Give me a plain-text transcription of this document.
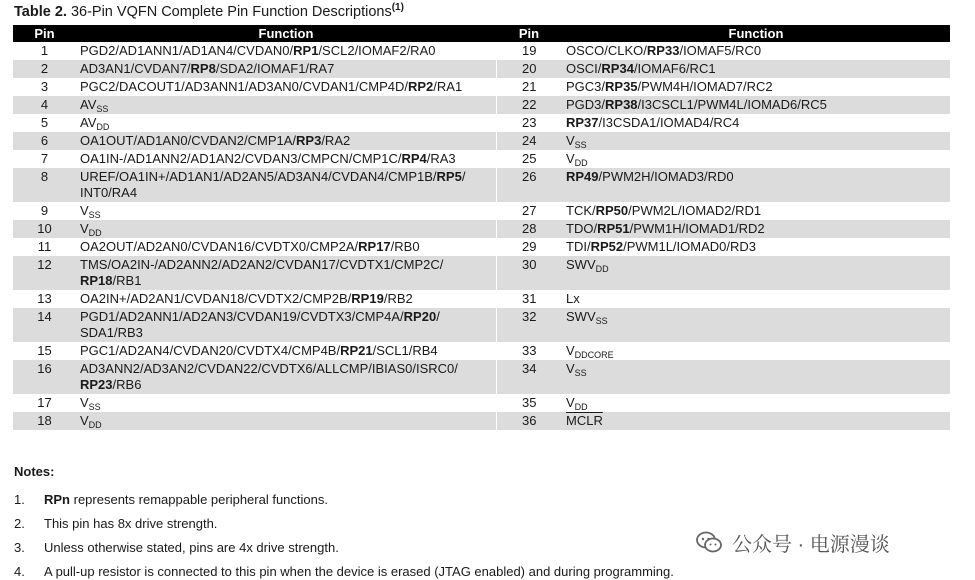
Table 2. 36-Pin VQFN Complete Pin Function Descriptions$^{(1)}$
Pin	Function	Pin	Function
1	PGD2/AD1ANN1/AD1AN4/CVDAN0/RP1/SCL2/IOMAF2/RA0	19	OSCO/CLKO/RP33/IOMAF5/RC0
2	AD3AN1/CVDAN7/RP8/SDA2/IOMAF1/RA7	20	OSCI/RP34/IOMAF6/RC1
3	PGC2/DACOUT1/AD3ANN1/AD3AN0/CVDAN1/CMP4D/RP2/RA1	21	PGC3/RP35/PWM4H/IOMAD7/RC2
4	$AV_{SS}$	22	PGD3/RP38/I3CSCL1/PWM4L/IOMAD6/RC5
5	$AV_{DD}$	23	RP37/I3CSDA1/IOMAD4/RC4
6	OA1OUT/AD1AN0/CVDAN2/CMP1A/RP3/RA2	24	$V_{SS}$
7	OA1IN-/AD1ANN2/AD1AN2/CVDAN3/CMPCN/CMP1C/RP4/RA3	25	$V_{DD}$
8	UREF/OA1IN+/AD1AN1/AD2AN5/AD3AN4/CVDAN4/CMP1B/RP5/
INT0/RA4	26	RP49/PWM2H/IOMAD3/RD0
9	$V_{SS}$	27	TCK/RP50/PWM2L/IOMAD2/RD1
10	$V_{DD}$	28	TDO/RP51/PWM1H/IOMAD1/RD2
11	OA2OUT/AD2AN0/CVDAN16/CVDTX0/CMP2A/RP17/RB0	29	TDI/RP52/PWM1L/IOMAD0/RD3
12	TMS/OA2IN-/AD2ANN2/AD2AN2/CVDAN17/CVDTX1/CMP2C/
RP18/RB1	30	$SWV_{DD}$
13	OA2IN+/AD2AN1/CVDAN18/CVDTX2/CMP2B/RP19/RB2	31	Lx
14	PGD1/AD2ANN1/AD2AN3/CVDAN19/CVDTX3/CMP4A/RP20/
SDA1/RB3	32	$SWV_{SS}$
15	PGC1/AD2AN4/CVDAN20/CVDTX4/CMP4B/RP21/SCL1/RB4	33	$V_{DDCORE}$
16	AD3ANN2/AD3AN2/CVDAN22/CVDTX6/ALLCMP/IBIAS0/ISRC0/
RP23/RB6	34	$V_{SS}$
17	$V_{SS}$	35	$V_{DD}$
18	$V_{DD}$	36	MCLR
Notes:
1. RPn represents remappable peripheral functions.
2. This pin has 8x drive strength.
3. Unless otherwise stated, pins are 4x drive strength.
4. A pull-up resistor is connected to this pin when the device is erased (JTAG enabled) and during programming.
公众号 · 电源漫谈
